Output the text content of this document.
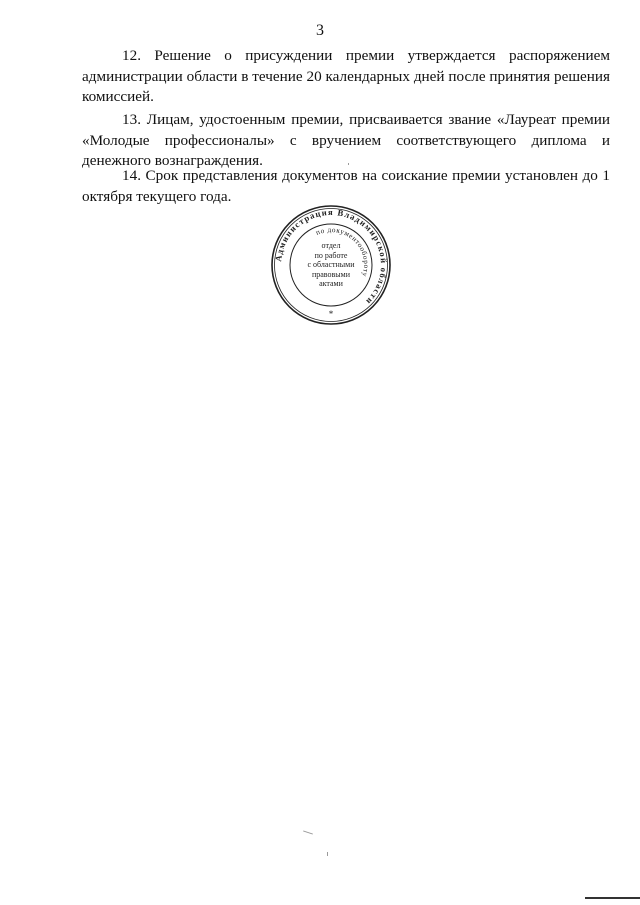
3

12. Решение о присуждении премии утверждается распоряжением администрации области в течение 20 календарных дней после принятия решения комиссией.

13. Лицам, удостоенным премии, присваивается звание «Лауреат премии «Молодые профессионалы» с вручением соответствующего диплома и денежного вознаграждения.

14. Срок представления документов на соискание премии установлен до 1 октября текущего года.

Администрация Владимирской области
по документообороту
*
отдел
по работе
с областными
правовыми
актами
